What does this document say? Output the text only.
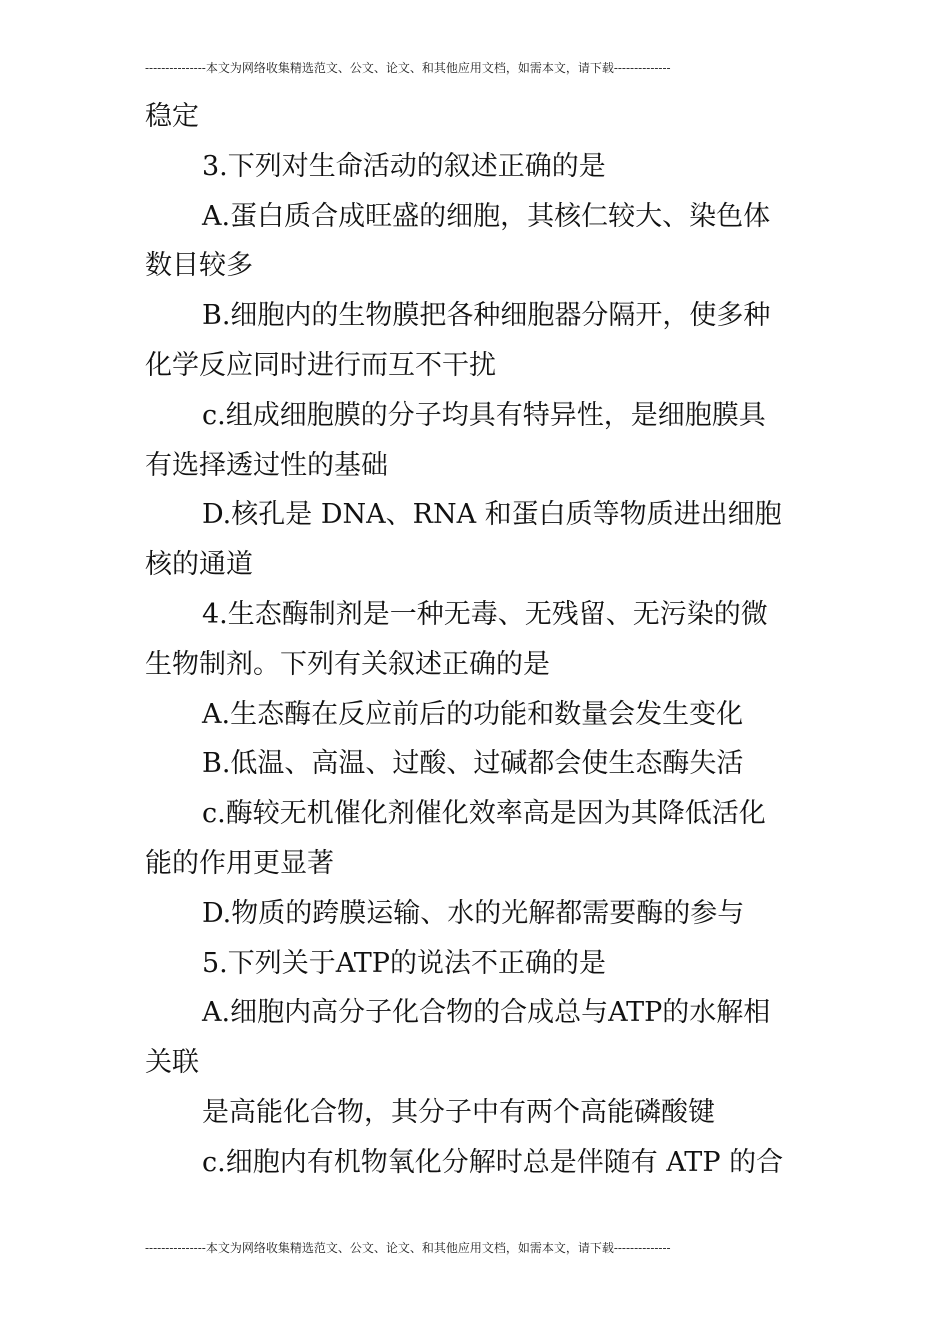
---------------本文为网络收集精选范文、公文、论文、和其他应用文档，如需本文，请下载--------------
稳定
3.下列对生命活动的叙述正确的是
A.蛋白质合成旺盛的细胞，其核仁较大、染色体
数目较多
B.细胞内的生物膜把各种细胞器分隔开，使多种
化学反应同时进行而互不干扰
c.组成细胞膜的分子均具有特异性，是细胞膜具
有选择透过性的基础
D.核孔是 DNA、RNA 和蛋白质等物质进出细胞
核的通道
4.生态酶制剂是一种无毒、无残留、无污染的微
生物制剂。下列有关叙述正确的是
A.生态酶在反应前后的功能和数量会发生变化
B.低温、高温、过酸、过碱都会使生态酶失活
c.酶较无机催化剂催化效率高是因为其降低活化
能的作用更显著
D.物质的跨膜运输、水的光解都需要酶的参与
5.下列关于ATP的说法不正确的是
A.细胞内高分子化合物的合成总与ATP的水解相
关联
是高能化合物，其分子中有两个高能磷酸键
c.细胞内有机物氧化分解时总是伴随有 ATP 的合
---------------本文为网络收集精选范文、公文、论文、和其他应用文档，如需本文，请下载--------------
